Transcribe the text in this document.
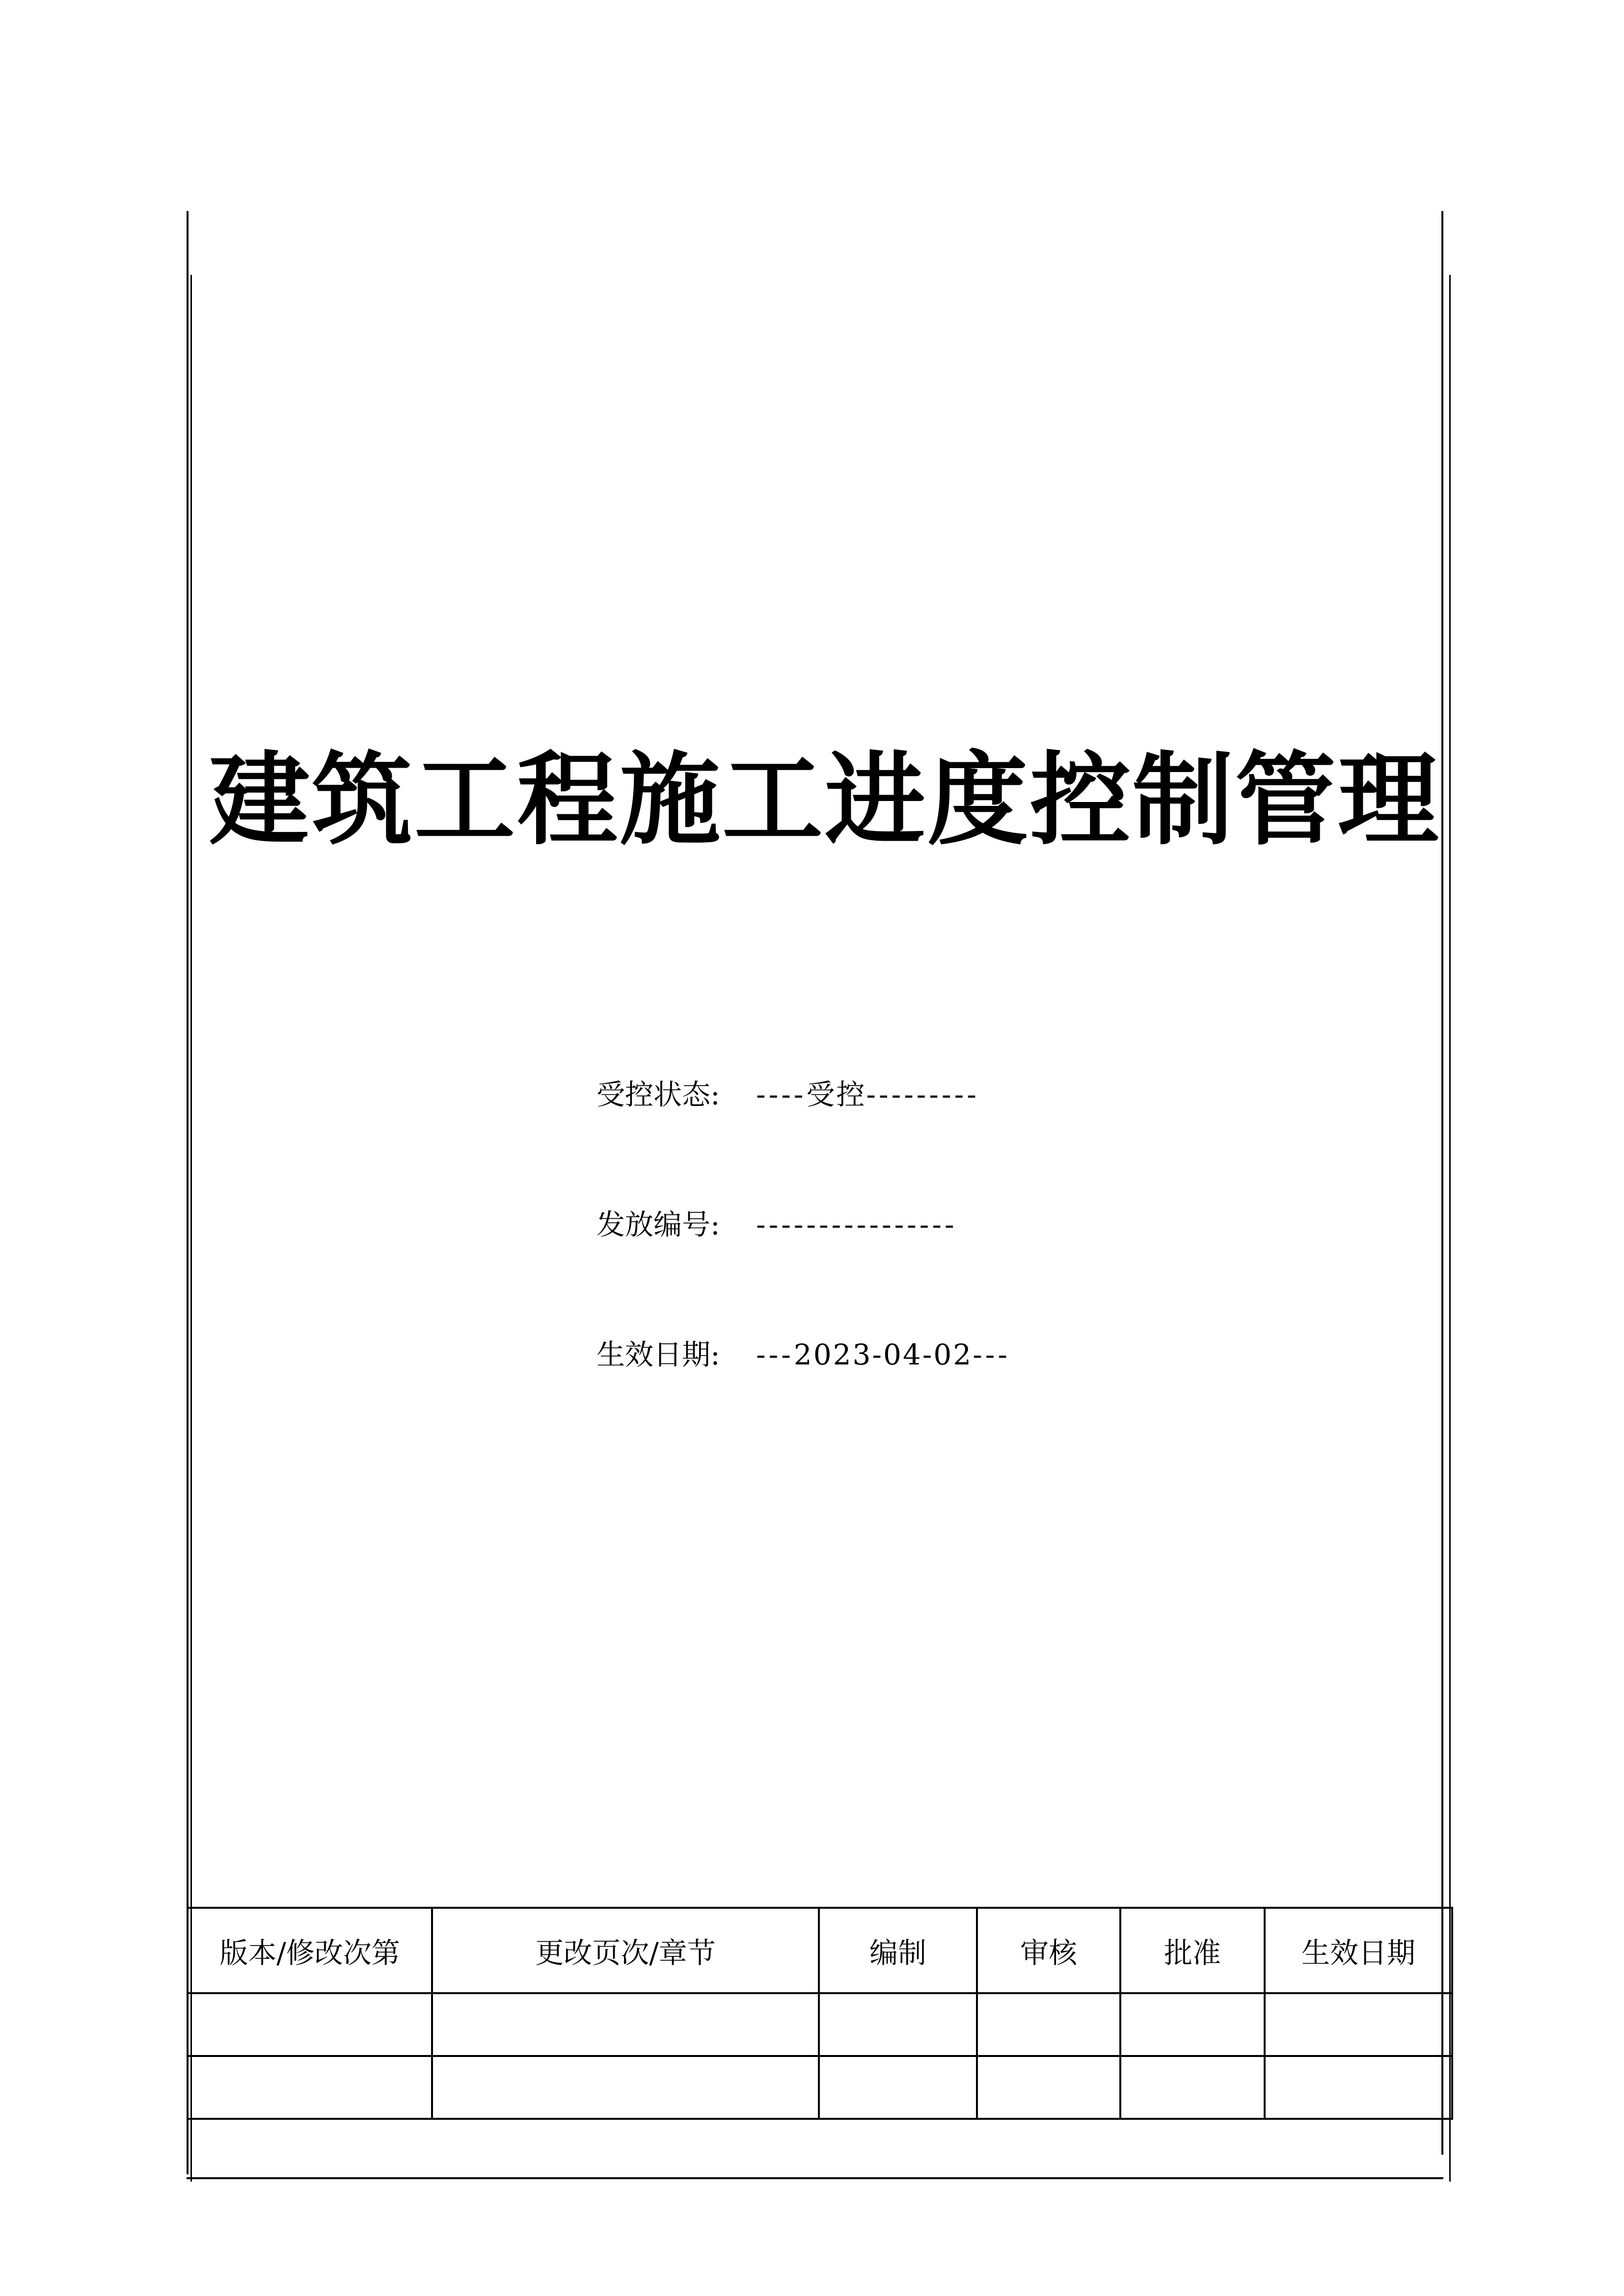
建筑工程施工进度控制管理
受控状态: ----受控---------
发放编号: ----------------
生效日期: ---2023-04-02---
版本/修改次第	更改页次/章节	编制	审核	批准	生效日期
